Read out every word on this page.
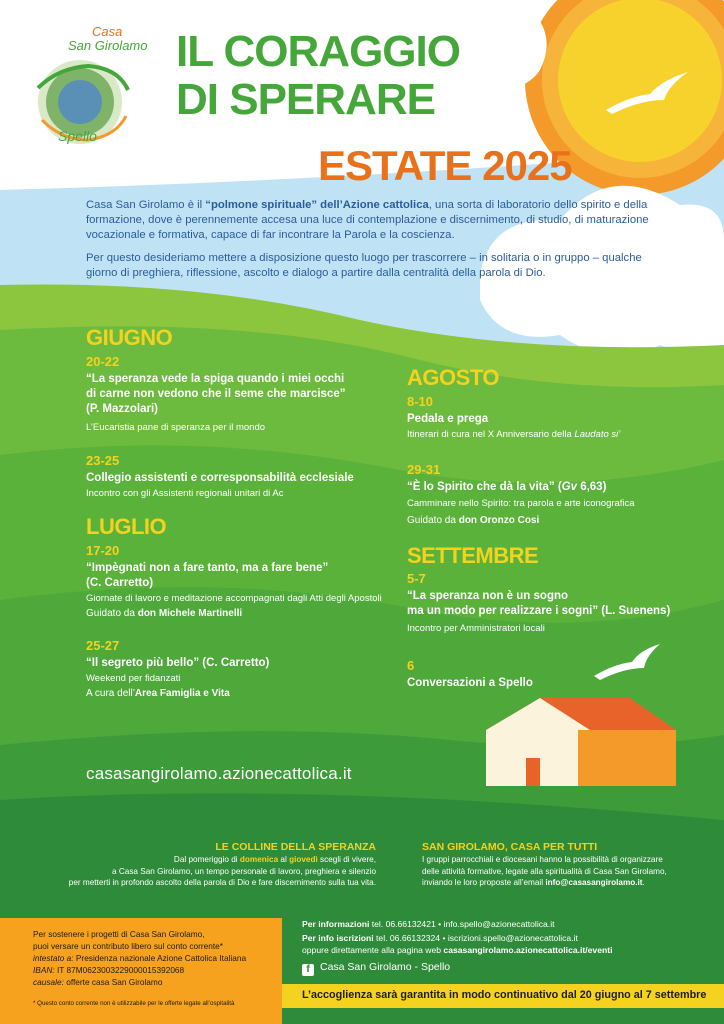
Casa
San Girolamo
Spello
IL CORAGGIO
DI SPERARE
ESTATE 2025

Casa San Girolamo è il “polmone spirituale” dell’Azione cattolica, una sorta di laboratorio dello spirito e della formazione, dove è perennemente accesa una luce di contemplazione e discernimento, di studio, di maturazione vocazionale e formativa, capace di far incontrare la Parola e la coscienza.

Per questo desideriamo mettere a disposizione questo luogo per trascorrere – in solitaria o in gruppo – qualche giorno di preghiera, riflessione, ascolto e dialogo a partire dalla centralità della parola di Dio.

GIUGNO
20-22
“La speranza vede la spiga quando i miei occhi
di carne non vedono che il seme che marcisce”
(P. Mazzolari)
L’Eucaristia pane di speranza per il mondo
23-25
Collegio assistenti e corresponsabilità ecclesiale
Incontro con gli Assistenti regionali unitari di Ac
LUGLIO
17-20
“Impègnati non a fare tanto, ma a fare bene”
(C. Carretto)
Giornate di lavoro e meditazione accompagnati dagli Atti degli Apostoli
Guidato da don Michele Martinelli
25-27
“Il segreto più bello” (C. Carretto)
Weekend per fidanzati
A cura dell’Area Famiglia e Vita
AGOSTO
8-10
Pedala e prega
Itinerari di cura nel X Anniversario della Laudato si’
29-31
“È lo Spirito che dà la vita” (Gv 6,63)
Camminare nello Spirito: tra parola e arte iconografica
Guidato da don Oronzo Cosi
SETTEMBRE
5-7
“La speranza non è un sogno
ma un modo per realizzare i sogni” (L. Suenens)
Incontro per Amministratori locali
6
Conversazioni a Spello
casasangirolamo.azionecattolica.it
LE COLLINE DELLA SPERANZA
Dal pomeriggio di domenica al giovedì scegli di vivere,
a Casa San Girolamo, un tempo personale di lavoro, preghiera e silenzio
per metterti in profondo ascolto della parola di Dio e fare discernimento sulla tua vita.
SAN GIROLAMO, CASA PER TUTTI
I gruppi parrocchiali e diocesani hanno la possibilità di organizzare
delle attività formative, legate alla spiritualità di Casa San Girolamo,
inviando le loro proposte all’email info@casasangirolamo.it.
Per sostenere i progetti di Casa San Girolamo,
puoi versare un contributo libero sul conto corrente*
intestato a: Presidenza nazionale Azione Cattolica Italiana
IBAN: IT 87M0623003229000015392068
causale: offerte casa San Girolamo
* Questo conto corrente non è utilizzabile per le offerte legate all’ospitalità
Per informazioni tel. 06.66132421 • info.spello@azionecattolica.it
Per info iscrizioni tel. 06.66132324 • iscrizioni.spello@azionecattolica.it
oppure direttamente alla pagina web casasangirolamo.azionecattolica.it/eventi
f Casa San Girolamo - Spello
L’accoglienza sarà garantita in modo continuativo dal 20 giugno al 7 settembre
